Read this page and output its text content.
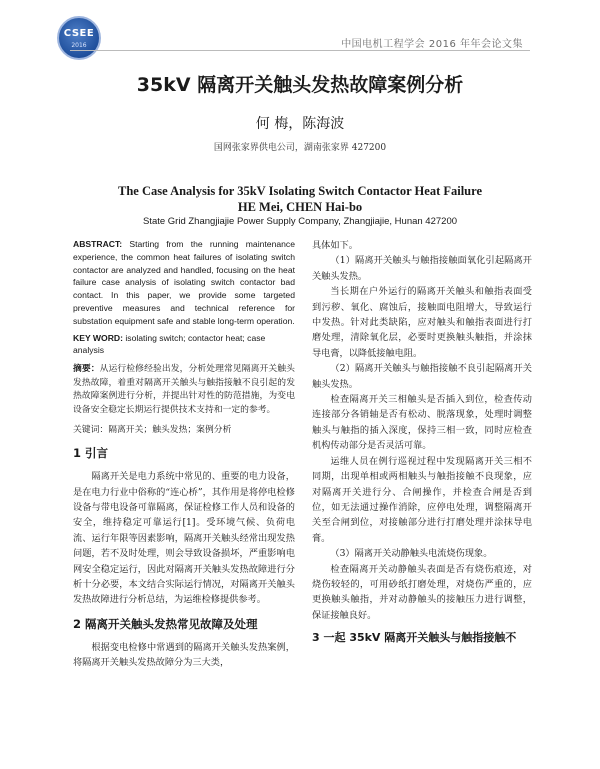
CSEE
2016	中国电机工程学会 2016 年年会论文集
35kV 隔离开关触头发热故障案例分析
何 梅，陈海波
国网张家界供电公司，湖南张家界 427200
The Case Analysis for 35kV Isolating Switch Contactor Heat Failure
HE Mei, CHEN Hai-bo
State Grid Zhangjiajie Power Supply Company, Zhangjiajie, Hunan 427200

ABSTRACT: Starting from the running maintenance experience, the common heat failures of isolating switch contactor are analyzed and handled, focusing on the heat failure case analysis of isolating switch contactor bad contact. In this paper, we provide some targeted preventive measures and technical reference for substation equipment safe and stable long-term operation.

KEY WORD: isolating switch; contactor heat; case analysis

摘要：从运行检修经验出发，分析处理常见隔离开关触头发热故障，着重对隔离开关触头与触指接触不良引起的发热故障案例进行分析，并提出针对性的防范措施，为变电设备安全稳定长期运行提供技术支持和一定的参考。

关键词：隔离开关；触头发热；案例分析

1 引言

隔离开关是电力系统中常见的、重要的电力设备，是在电力行业中俗称的“连心桥”，其作用是将停电检修设备与带电设备可靠隔离，保证检修工作人员和设备的安全，维持稳定可靠运行[1]。受环境气候、负荷电流、运行年限等因素影响，隔离开关触头经常出现发热问题，若不及时处理，则会导致设备损坏，严重影响电网安全稳定运行，因此对隔离开关触头发热故障进行分析十分必要，本文结合实际运行情况，对隔离开关触头发热故障进行分析总结，为运维检修提供参考。

2 隔离开关触头发热常见故障及处理

根据变电检修中常遇到的隔离开关触头发热案例，将隔离开关触头发热故障分为三大类，

具体如下。

（1）隔离开关触头与触指接触面氧化引起隔离开关触头发热。

当长期在户外运行的隔离开关触头和触指表面受到污秽、氧化、腐蚀后，接触面电阻增大，导致运行中发热。针对此类缺陷，应对触头和触指表面进行打磨处理，清除氧化层，必要时更换触头触指，并涂抹导电膏，以降低接触电阻。

（2）隔离开关触头与触指接触不良引起隔离开关触头发热。

检查隔离开关三相触头是否插入到位，检查传动连接部分各销轴是否有松动、脱落现象，处理时调整触头与触指的插入深度，保持三相一致，同时应检查机构传动部分是否灵活可靠。

运维人员在例行巡视过程中发现隔离开关三相不同期，出现单相或两相触头与触指接触不良现象，应对隔离开关进行分、合闸操作，并检查合闸是否到位，如无法通过操作消除，应停电处理，调整隔离开关至合闸到位，对接触部分进行打磨处理并涂抹导电膏。

（3）隔离开关动静触头电流烧伤现象。

检查隔离开关动静触头表面是否有烧伤痕迹，对烧伤较轻的，可用砂纸打磨处理，对烧伤严重的，应更换触头触指，并对动静触头的接触压力进行调整，保证接触良好。

3 一起 35kV 隔离开关触头与触指接触不
